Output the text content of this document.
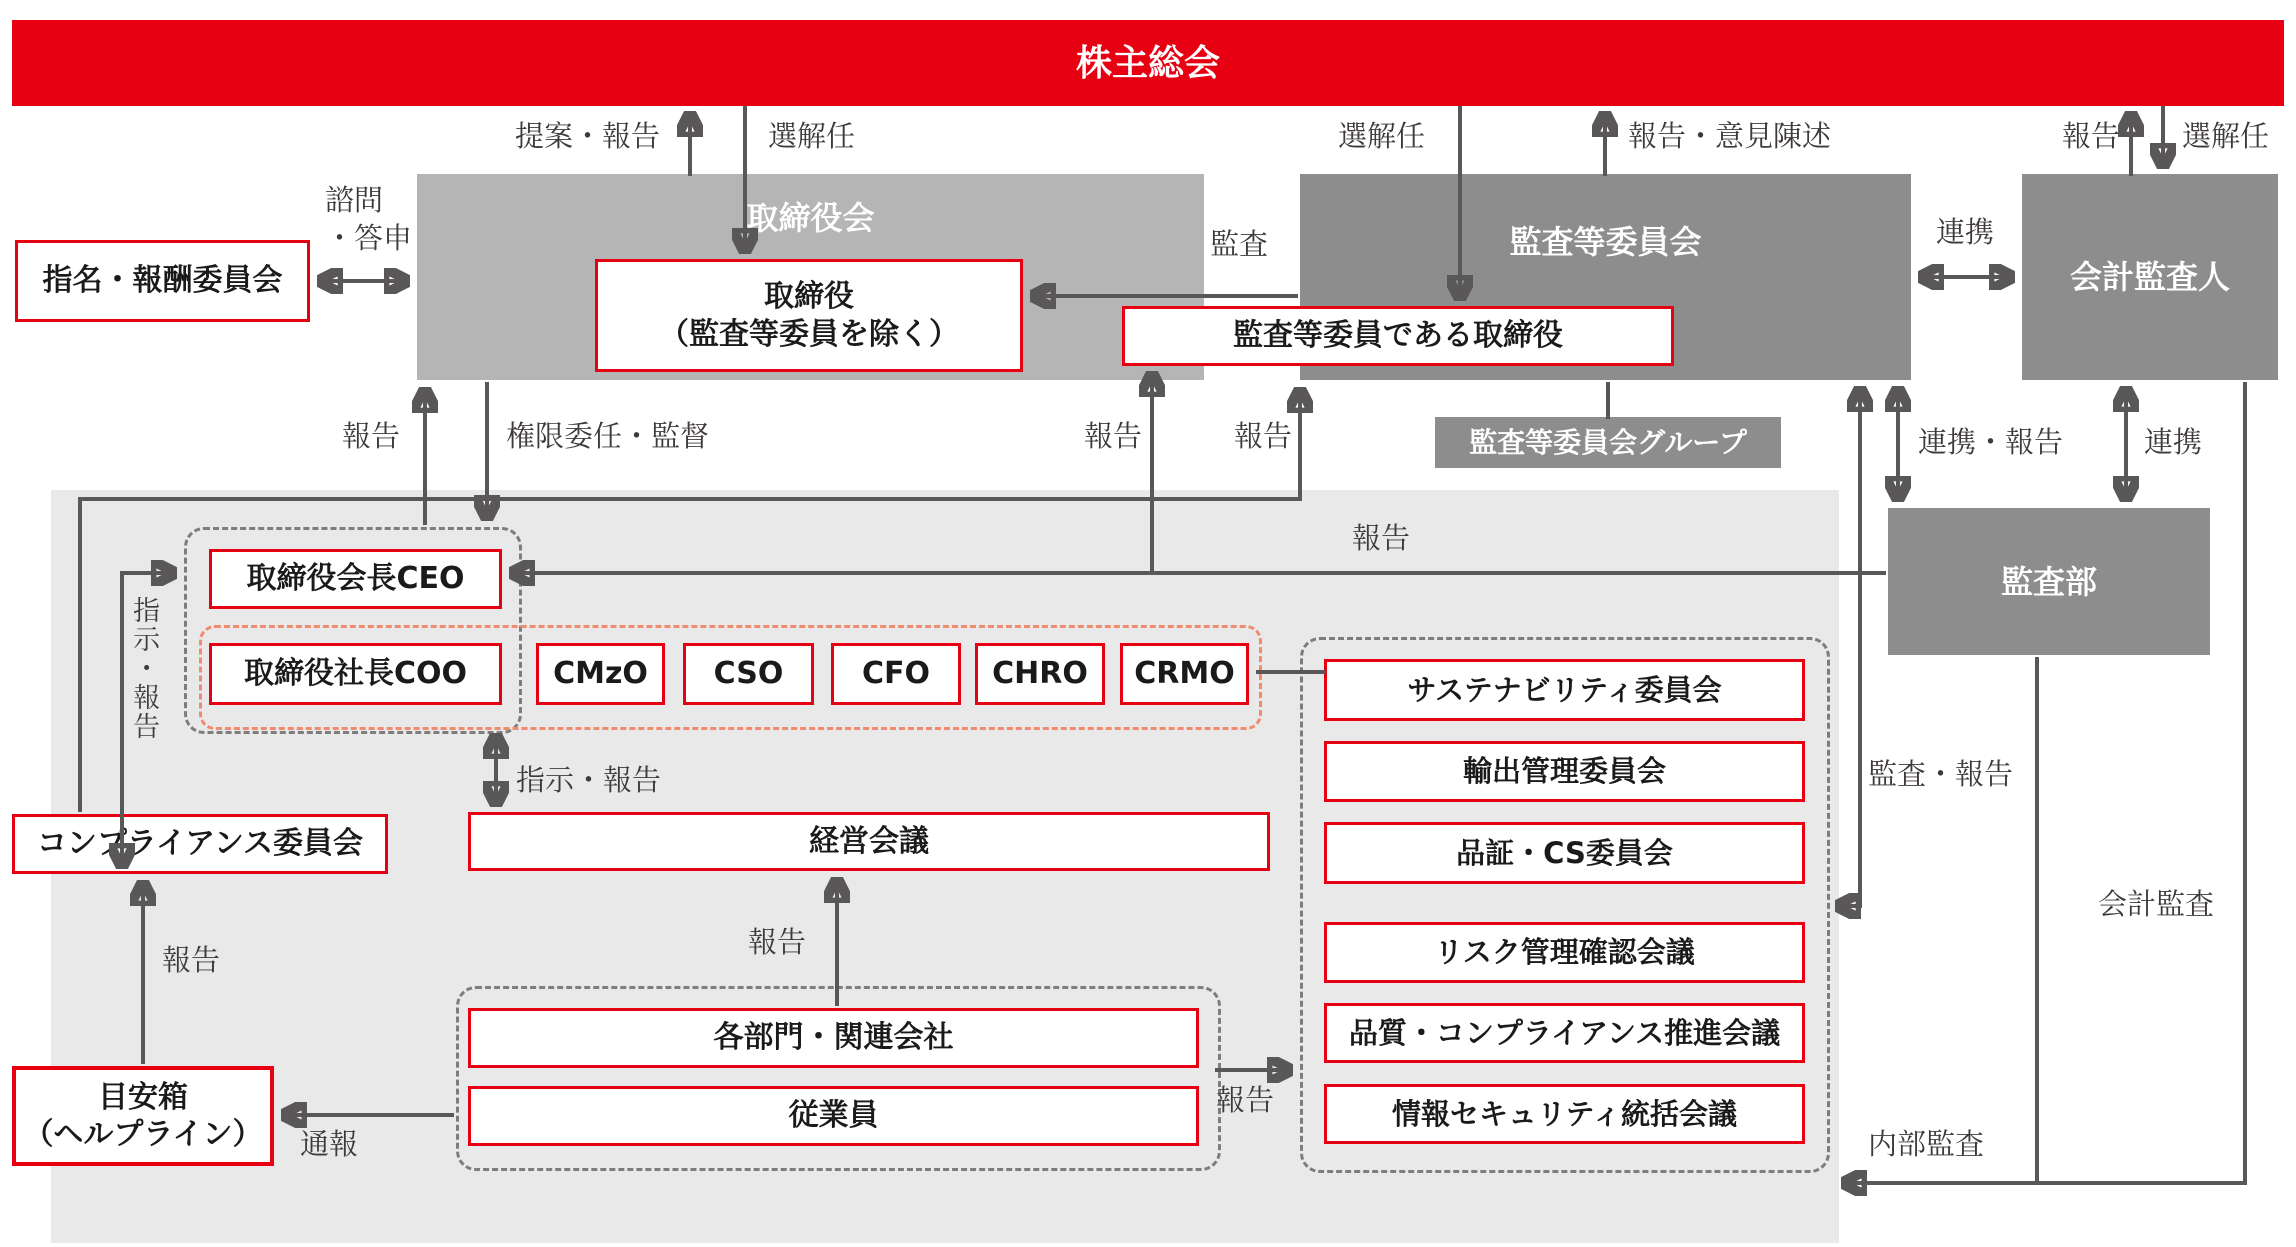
株主総会
取締役会
監査等委員会
会計監査人
取締役
（監査等委員を除く）	監査等委員である取締役
指名・報酬委員会
監査等委員会グループ
監査部
取締役会長CEO
取締役社長COO	CMzO CSO	CFO CHRO CRMO
経営会議
コンプライアンス委員会
各部門・関連会社
従業員
目安箱
（ヘルプライン）
サステナビリティ委員会
輸出管理委員会
品証・CS委員会
リスク管理確認会議
品質・コンプライアンス推進会議
情報セキュリティ統括会議
提案・報告	選解任	選解任	報告・意見陳述	報告 選解任
諮問
・答申	監査	連携
報告	権限委任・監督	報告	報告	連携・報告	連携
報告
監査・報告
会計監査
内部監査
指示・報告
指示・報告
報告
報告
通報
報告
